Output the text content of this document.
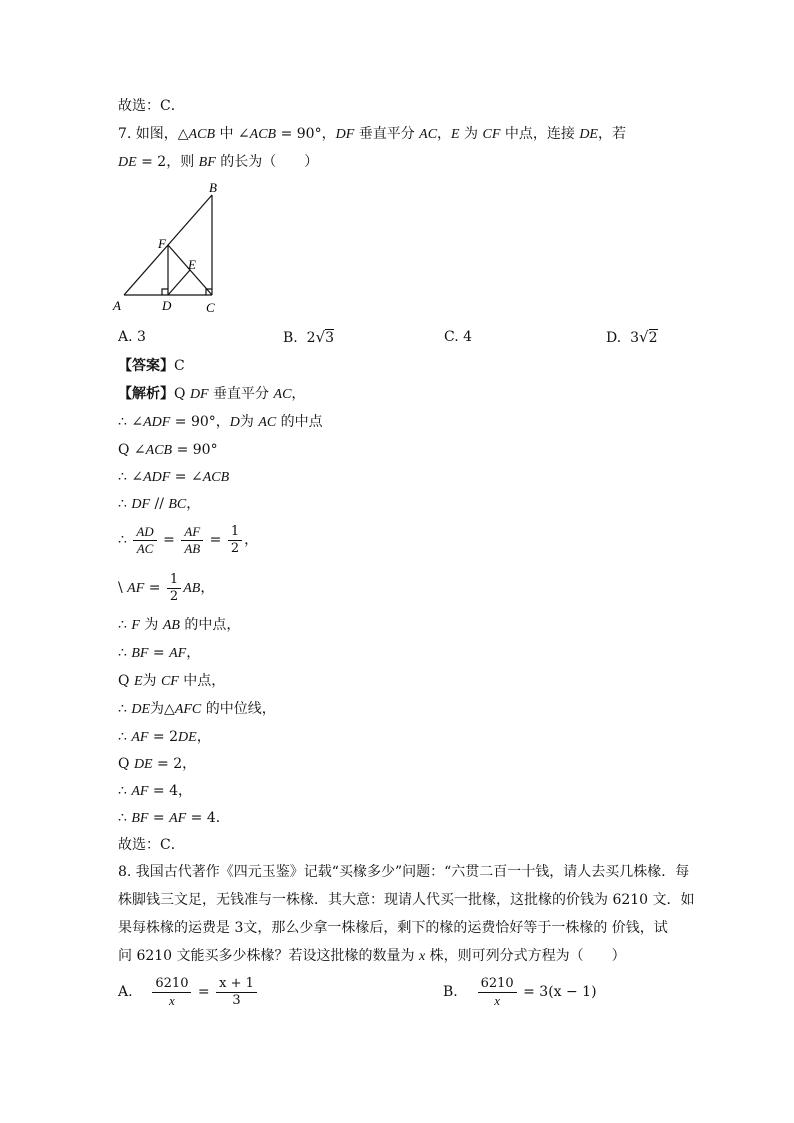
故选：C．
7. 如图，△ACB 中 ∠ACB = 90°，DF 垂直平分 AC，E 为 CF 中点，连接 DE，若
DE = 2，则 BF 的长为（　　）
A
B
C
D
E
F
A. 3	B. 2√3	C. 4	D. 3√2
【答案】C
【解析】Q DF 垂直平分 AC，
∴ ∠ADF = 90°，D为 AC 的中点
Q ∠ACB = 90°
∴ ∠ADF = ∠ACB
∴ DF // BC，
∴ $\frac{AD}{AC} = \frac{AF}{AB} = \frac{1}{2}$ ，
\ AF = $\frac{1}{2}$ AB，
∴ F 为 AB 的中点，
∴ BF = AF，
Q E为 CF 中点，
∴ DE为△AFC 的中位线，
∴ AF = 2DE，
Q DE = 2，
∴ AF = 4，
∴ BF = AF = 4．
故选：C．
8. 我国古代著作《四元玉鉴》记载“买椽多少”问题：“六贯二百一十钱，请人去买几株椽．每
株脚钱三文足，无钱准与一株椽．其大意：现请人代买一批椽，这批椽的价钱为 6210 文．如
果每株椽的运费是 3文，那么少拿一株椽后，剩下的椽的运费恰好等于一株椽的 价钱，试
问 6210 文能买多少株椽？若设这批椽的数量为 x 株，则可列分式方程为（　　）
A. $\frac{6210}{x} = \frac{x + 1}{3}$	B. $\frac{6210}{x} = 3(x - 1)$
